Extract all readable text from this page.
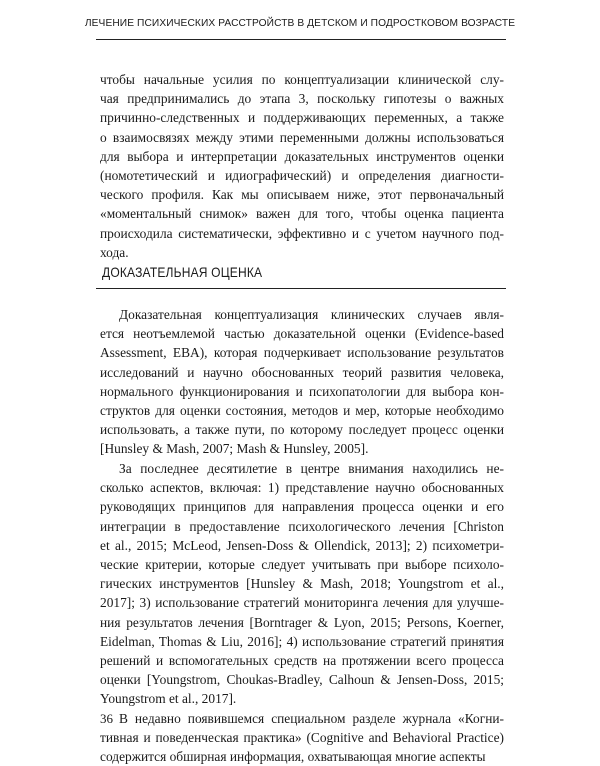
ЛЕЧЕНИЕ ПСИХИЧЕСКИХ РАССТРОЙСТВ В ДЕТСКОМ И ПОДРОСТКОВОМ ВОЗРАСТЕ
чтобы начальные усилия по концептуализации клинической слу-
чая предпринимались до этапа 3, поскольку гипотезы о важных
причинно-следственных и поддерживающих переменных, а также
о взаимосвязях между этими переменными должны использоваться
для выбора и интерпретации доказательных инструментов оценки
(номотетический и идиографический) и определения диагности-
ческого профиля. Как мы описываем ниже, этот первоначальный
«моментальный снимок» важен для того, чтобы оценка пациента
происходила систематически, эффективно и с учетом научного под-
хода.
ДОКАЗАТЕЛЬНАЯ ОЦЕНКА
Доказательная концептуализация клинических случаев явля-
ется неотъемлемой частью доказательной оценки (Evidence-based
Assessment, EBA), которая подчеркивает использование результатов
исследований и научно обоснованных теорий развития человека,
нормального функционирования и психопатологии для выбора кон-
структов для оценки состояния, методов и мер, которые необходимо
использовать, а также пути, по которому последует процесс оценки
[Hunsley & Mash, 2007; Mash & Hunsley, 2005].
За последнее десятилетие в центре внимания находились не-
сколько аспектов, включая: 1) представление научно обоснованных
руководящих принципов для направления процесса оценки и его
интеграции в предоставление психологического лечения [Christon
et al., 2015; McLeod, Jensen-Doss & Ollendick, 2013]; 2) психометри-
ческие критерии, которые следует учитывать при выборе психоло-
гических инструментов [Hunsley & Mash, 2018; Youngstrom et al.,
2017]; 3) использование стратегий мониторинга лечения для улучше-
ния результатов лечения [Borntrager & Lyon, 2015; Persons, Koerner,
Eidelman, Thomas & Liu, 2016]; 4) использование стратегий принятия
решений и вспомогательных средств на протяжении всего процесса
оценки [Youngstrom, Choukas-Bradley, Calhoun & Jensen-Doss, 2015;
Youngstrom et al., 2017].
В недавно появившемся специальном разделе журнала «Когни-
тивная и поведенческая практика» (Cognitive and Behavioral Practice)
содержится обширная информация, охватывающая многие аспекты
36
